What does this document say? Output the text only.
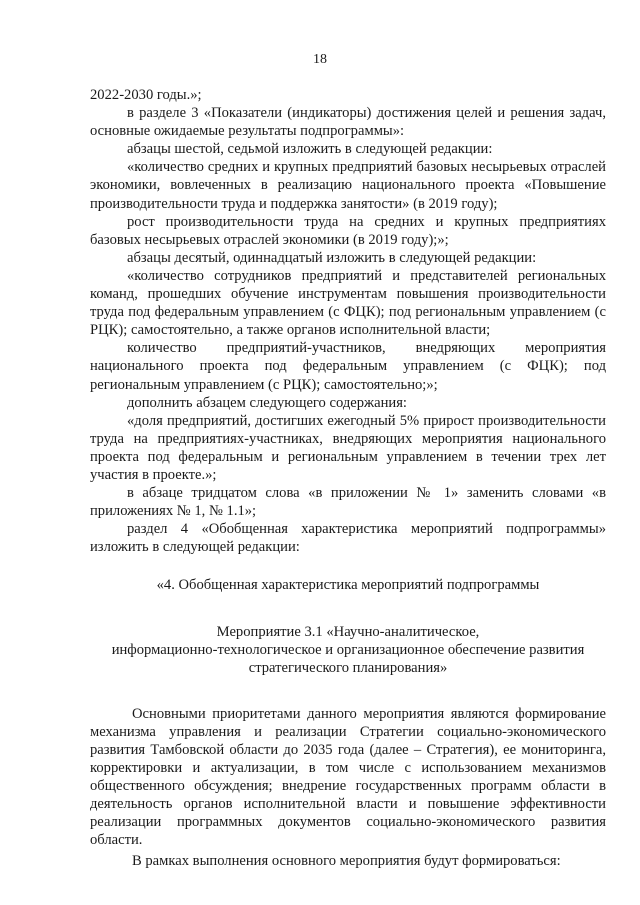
18

2022-2030 годы.»;

в разделе 3 «Показатели (индикаторы) достижения целей и решения задач, основные ожидаемые результаты подпрограммы»:

абзацы шестой, седьмой изложить в следующей редакции:

«количество средних и крупных предприятий базовых несырьевых отраслей экономики, вовлеченных в реализацию национального проекта «Повышение производительности труда и поддержка занятости» (в 2019 году);

рост производительности труда на средних и крупных предприятиях базовых несырьевых отраслей экономики (в 2019 году);»;

абзацы десятый, одиннадцатый изложить в следующей редакции:

«количество сотрудников предприятий и представителей региональных команд, прошедших обучение инструментам повышения производительности труда под федеральным управлением (с ФЦК); под региональным управлением (с РЦК); самостоятельно, а также органов исполнительной власти;

количество предприятий-участников, внедряющих мероприятия национального проекта под федеральным управлением (с ФЦК); под региональным управлением (с РЦК); самостоятельно;»;

дополнить абзацем следующего содержания:

«доля предприятий, достигших ежегодный 5% прирост производительности труда на предприятиях-участниках, внедряющих мероприятия национального проекта под федеральным и региональным управлением в течении трех лет участия в проекте.»;

в абзаце тридцатом слова «в приложении № 1» заменить словами «в приложениях № 1, № 1.1»;

раздел 4 «Обобщенная характеристика мероприятий подпрограммы» изложить в следующей редакции:

«4. Обобщенная характеристика мероприятий подпрограммы

Мероприятие 3.1 «Научно-аналитическое,

информационно-технологическое и организационное обеспечение развития

стратегического планирования»

Основными приоритетами данного мероприятия являются формирование механизма управления и реализации Стратегии социально-экономического развития Тамбовской области до 2035 года (далее – Стратегия), ее мониторинга, корректировки и актуализации, в том числе с использованием механизмов общественного обсуждения; внедрение государственных программ области в деятельность органов исполнительной власти и повышение эффективности реализации программных документов социально-экономического развития области.

В рамках выполнения основного мероприятия будут формироваться:
